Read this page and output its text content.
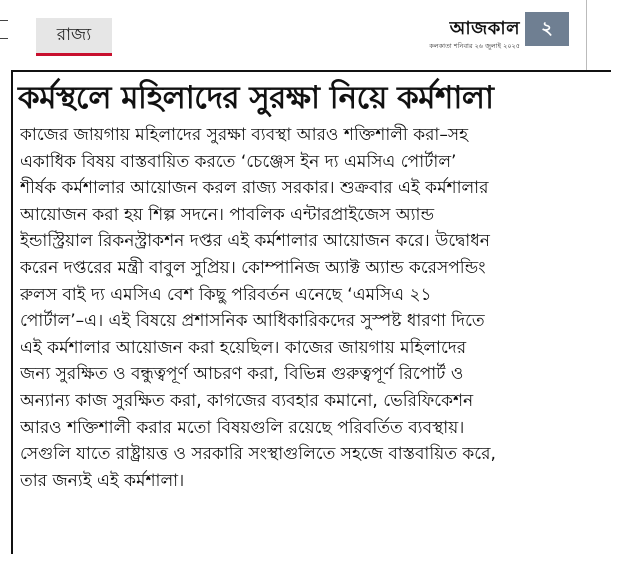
রাজ্য	আজকাল
কলকাতা শনিবার ২৬ জুলাই ২০২৫
২
কর্মস্থলে মহিলাদের সুরক্ষা নিয়ে কর্মশালা
কাজের জায়গায় মহিলাদের সুরক্ষা ব্যবস্থা আরও শক্তিশালী করা–সহ
একাধিক বিষয় বাস্তবায়িত করতে ‘চেঞ্জেস ইন দ্য এমসিএ পোর্টাল’
শীর্ষক কর্মশালার আয়োজন করল রাজ্য সরকার। শুক্রবার এই কর্মশালার
আয়োজন করা হয় শিল্প সদনে। পাবলিক এন্টারপ্রাইজেস অ্যান্ড
ইন্ডাস্ট্রিয়াল রিকনস্ট্রাকশন দপ্তর এই কর্মশালার আয়োজন করে। উদ্বোধন
করেন দপ্তরের মন্ত্রী বাবুল সুপ্রিয়। কোম্পানিজ অ্যাক্ট অ্যান্ড করেসপন্ডিং
রুলস বাই দ্য এমসিএ বেশ কিছু পরিবর্তন এনেছে ‘এমসিএ ২১
পোর্টাল’–এ। এই বিষয়ে প্রশাসনিক আধিকারিকদের সুস্পষ্ট ধারণা দিতে
এই কর্মশালার আয়োজন করা হয়েছিল। কাজের জায়গায় মহিলাদের
জন্য সুরক্ষিত ও বন্ধুত্বপূর্ণ আচরণ করা, বিভিন্ন গুরুত্বপূর্ণ রিপোর্ট ও
অন্যান্য কাজ সুরক্ষিত করা, কাগজের ব্যবহার কমানো, ভেরিফিকেশন
আরও শক্তিশালী করার মতো বিষয়গুলি রয়েছে পরিবর্তিত ব্যবস্থায়।
সেগুলি যাতে রাষ্ট্রায়ত্ত ও সরকারি সংস্থাগুলিতে সহজে বাস্তবায়িত করে,
তার জন্যই এই কর্মশালা।
